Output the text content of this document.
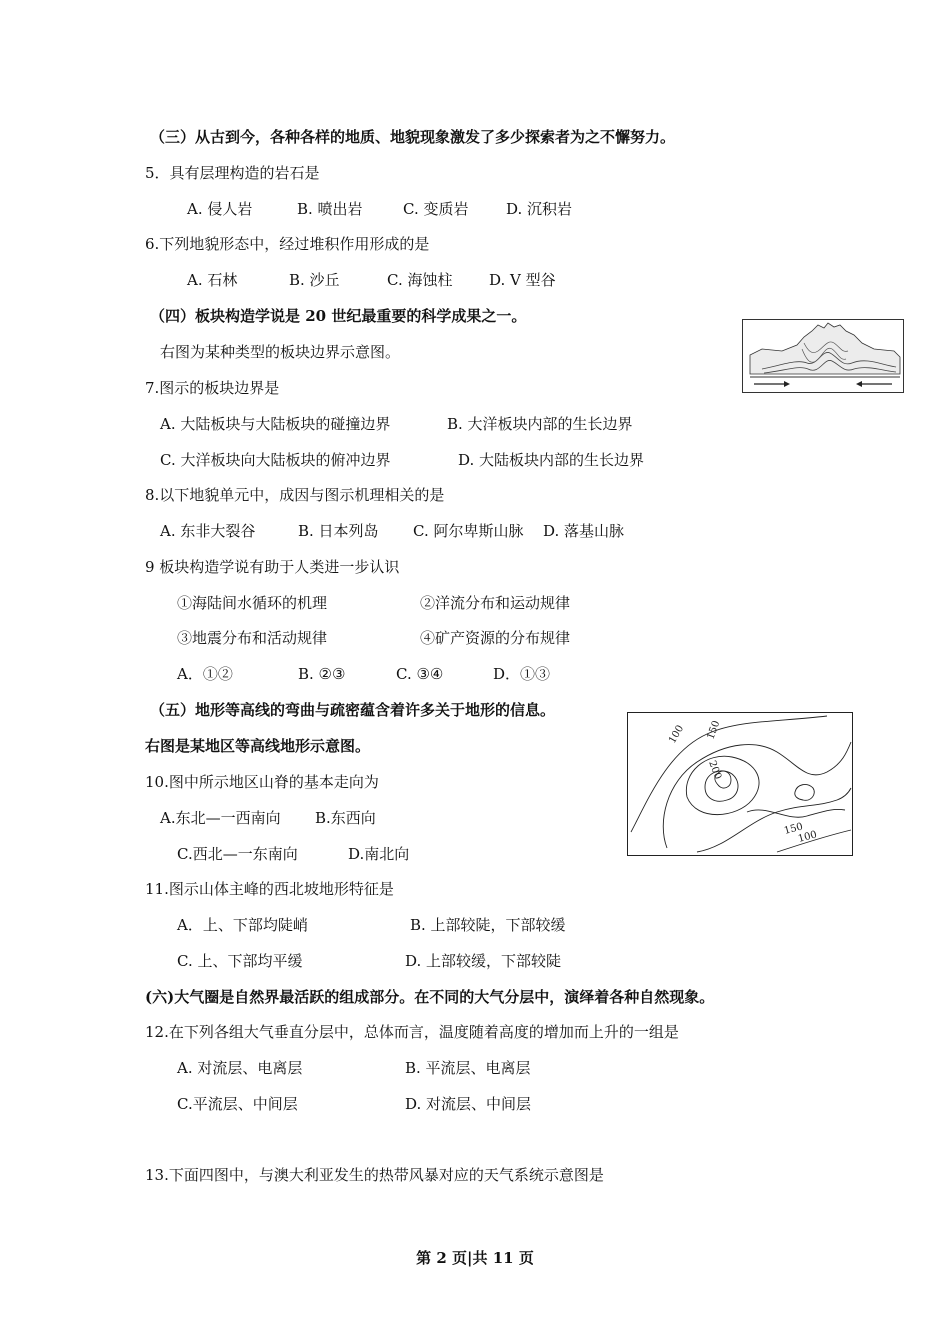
（三）从古到今，各种各样的地质、地貌现象激发了多少探索者为之不懈努力。
5．具有层理构造的岩石是
A. 侵人岩	B. 喷出岩	C. 变质岩	D. 沉积岩
6.下列地貌形态中，经过堆积作用形成的是
A. 石林	B. 沙丘	C. 海蚀柱 D. V 型谷
（四）板块构造学说是 20 世纪最重要的科学成果之一。
右图为某种类型的板块边界示意图。
7.图示的板块边界是
A. 大陆板块与大陆板块的碰撞边界	B. 大洋板块内部的生长边界
C. 大洋板块向大陆板块的俯冲边界	D. 大陆板块内部的生长边界
8.以下地貌单元中，成因与图示机理相关的是
A. 东非大裂谷	B. 日本列岛 C. 阿尔卑斯山脉 D. 落基山脉
9 板块构造学说有助于人类进一步认识
①海陆间水循环的机理	②洋流分布和运动规律
③地震分布和活动规律	④矿产资源的分布规律
A．①②	B. ②③	C. ③④	D．①③
（五）地形等高线的弯曲与疏密蕴含着许多关于地形的信息。
右图是某地区等高线地形示意图。
100 150
200
150
100
10.图中所示地区山脊的基本走向为
A.东北—一西南向 B.东西向
C.西北—一东南向	D.南北向
11.图示山体主峰的西北坡地形特征是
A．上、下部均陡峭	B. 上部较陡，下部较缓
C. 上、下部均平缓	D. 上部较缓，下部较陡
(六)大气圈是自然界最活跃的组成部分。在不同的大气分层中，演绎着各种自然现象。
12.在下列各组大气垂直分层中，总体而言，温度随着高度的增加而上升的一组是
A. 对流层、电离层	B. 平流层、电离层
C.平流层、中间层	D. 对流层、中间层
13.下面四图中，与澳大利亚发生的热带风暴对应的天气系统示意图是
第 2 页|共 11 页
